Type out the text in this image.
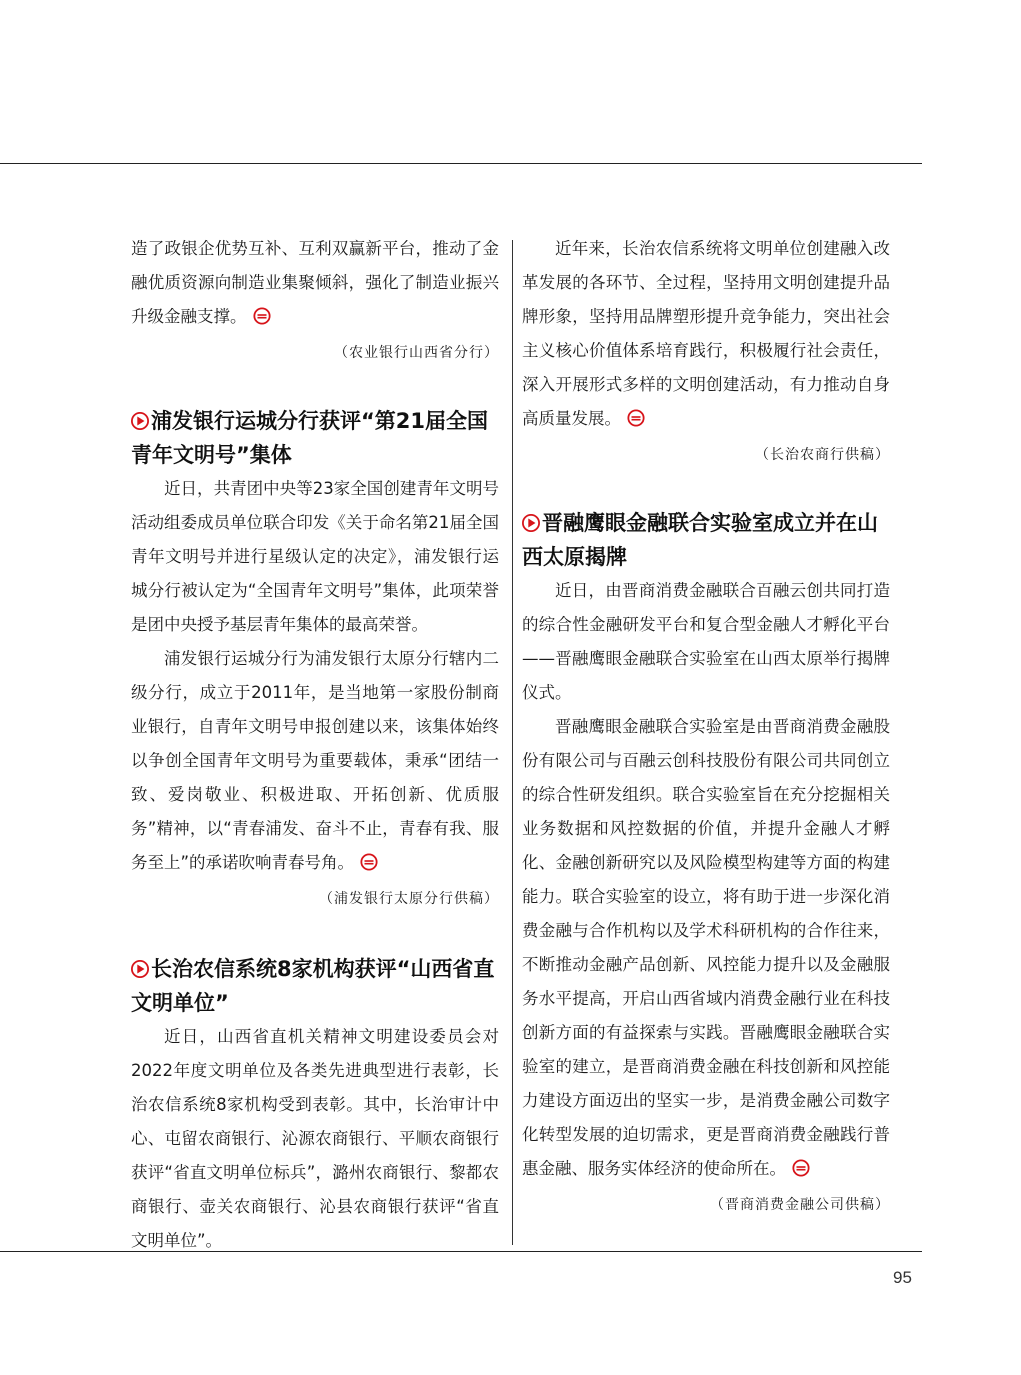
造了政银企优势互补、互利双赢新平台，推动了金融优质资源向制造业集聚倾斜，强化了制造业振兴升级金融支撑。

（农业银行山西省分行）

浦发银行运城分行获评“第21届全国青年文明号”集体

近日，共青团中央等23家全国创建青年文明号活动组委成员单位联合印发《关于命名第21届全国青年文明号并进行星级认定的决定》，浦发银行运城分行被认定为“全国青年文明号”集体，此项荣誉是团中央授予基层青年集体的最高荣誉。

浦发银行运城分行为浦发银行太原分行辖内二级分行，成立于2011年，是当地第一家股份制商业银行，自青年文明号申报创建以来，该集体始终以争创全国青年文明号为重要载体，秉承“团结一致、爱岗敬业、积极进取、开拓创新、优质服务”精神，以“青春浦发、奋斗不止，青春有我、服务至上”的承诺吹响青春号角。

（浦发银行太原分行供稿）

长治农信系统8家机构获评“山西省直文明单位”

近日，山西省直机关精神文明建设委员会对2022年度文明单位及各类先进典型进行表彰，长治农信系统8家机构受到表彰。其中，长治审计中心、屯留农商银行、沁源农商银行、平顺农商银行获评“省直文明单位标兵”，潞州农商银行、黎都农商银行、壶关农商银行、沁县农商银行获评“省直文明单位”。

近年来，长治农信系统将文明单位创建融入改革发展的各环节、全过程，坚持用文明创建提升品牌形象，坚持用品牌塑形提升竞争能力，突出社会主义核心价值体系培育践行，积极履行社会责任，深入开展形式多样的文明创建活动，有力推动自身高质量发展。

（长治农商行供稿）

晋融鹰眼金融联合实验室成立并在山西太原揭牌

近日，由晋商消费金融联合百融云创共同打造的综合性金融研发平台和复合型金融人才孵化平台——晋融鹰眼金融联合实验室在山西太原举行揭牌仪式。

晋融鹰眼金融联合实验室是由晋商消费金融股份有限公司与百融云创科技股份有限公司共同创立的综合性研发组织。联合实验室旨在充分挖掘相关业务数据和风控数据的价值，并提升金融人才孵化、金融创新研究以及风险模型构建等方面的构建能力。联合实验室的设立，将有助于进一步深化消费金融与合作机构以及学术科研机构的合作往来，不断推动金融产品创新、风控能力提升以及金融服务水平提高，开启山西省域内消费金融行业在科技创新方面的有益探索与实践。晋融鹰眼金融联合实验室的建立，是晋商消费金融在科技创新和风控能力建设方面迈出的坚实一步，是消费金融公司数字化转型发展的迫切需求，更是晋商消费金融践行普惠金融、服务实体经济的使命所在。

（晋商消费金融公司供稿）

95
